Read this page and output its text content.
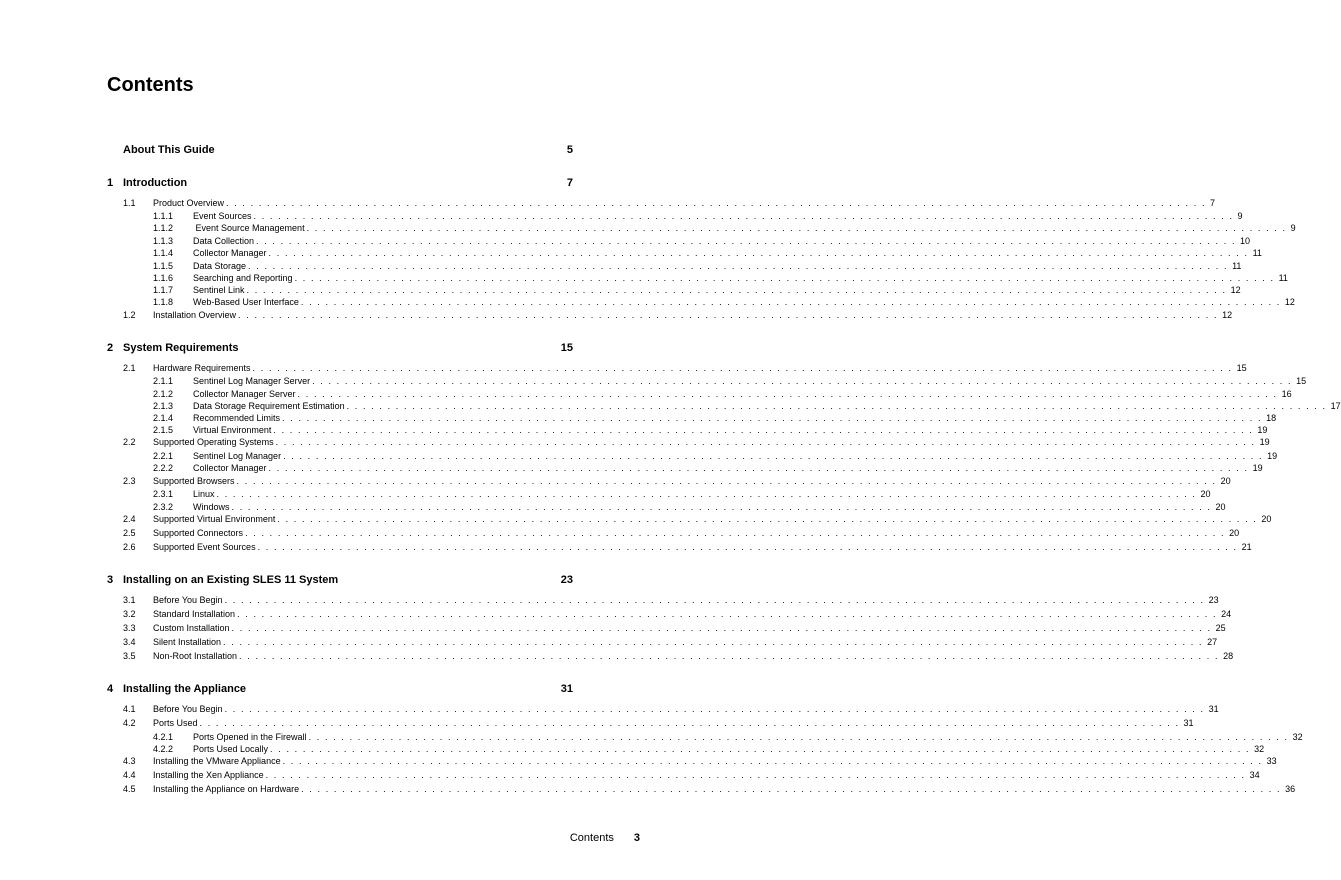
Contents
About This Guide	5
1 Introduction	7
1.1	Product Overview . . . . . . . . . . . . . . . . . . . . . . . . . . . . . . . . . . . . . . . . . . . . . . . . . . . . . . . . . . . . . . . . . . . . . . . . . . . . . . . . . . . . . . . . . . . . . . . . . . . . . . . . . . . . . . . . . . . . . . . . 7
1.1.1	Event Sources . . . . . . . . . . . . . . . . . . . . . . . . . . . . . . . . . . . . . . . . . . . . . . . . . . . . . . . . . . . . . . . . . . . . . . . . . . . . . . . . . . . . . . . . . . . . . . . . . . . . . . . . . . . . . . . . . . . . . . . . 9
1.1.2	Event Source Management . . . . . . . . . . . . . . . . . . . . . . . . . . . . . . . . . . . . . . . . . . . . . . . . . . . . . . . . . . . . . . . . . . . . . . . . . . . . . . . . . . . . . . . . . . . . . . . . . . . . . . . . . . . . . . . . . . . . . . . . 9
1.1.3	Data Collection . . . . . . . . . . . . . . . . . . . . . . . . . . . . . . . . . . . . . . . . . . . . . . . . . . . . . . . . . . . . . . . . . . . . . . . . . . . . . . . . . . . . . . . . . . . . . . . . . . . . . . . . . . . . . . . . . . . . . . . . 10
1.1.4	Collector Manager . . . . . . . . . . . . . . . . . . . . . . . . . . . . . . . . . . . . . . . . . . . . . . . . . . . . . . . . . . . . . . . . . . . . . . . . . . . . . . . . . . . . . . . . . . . . . . . . . . . . . . . . . . . . . . . . . . . . . . . . 11
1.1.5	Data Storage . . . . . . . . . . . . . . . . . . . . . . . . . . . . . . . . . . . . . . . . . . . . . . . . . . . . . . . . . . . . . . . . . . . . . . . . . . . . . . . . . . . . . . . . . . . . . . . . . . . . . . . . . . . . . . . . . . . . . . . . 11
1.1.6	Searching and Reporting . . . . . . . . . . . . . . . . . . . . . . . . . . . . . . . . . . . . . . . . . . . . . . . . . . . . . . . . . . . . . . . . . . . . . . . . . . . . . . . . . . . . . . . . . . . . . . . . . . . . . . . . . . . . . . . . . . . . . . . . 11
1.1.7	Sentinel Link . . . . . . . . . . . . . . . . . . . . . . . . . . . . . . . . . . . . . . . . . . . . . . . . . . . . . . . . . . . . . . . . . . . . . . . . . . . . . . . . . . . . . . . . . . . . . . . . . . . . . . . . . . . . . . . . . . . . . . . . 12
1.1.8	Web-Based User Interface . . . . . . . . . . . . . . . . . . . . . . . . . . . . . . . . . . . . . . . . . . . . . . . . . . . . . . . . . . . . . . . . . . . . . . . . . . . . . . . . . . . . . . . . . . . . . . . . . . . . . . . . . . . . . . . . . . . . . . . . 12
1.2	Installation Overview . . . . . . . . . . . . . . . . . . . . . . . . . . . . . . . . . . . . . . . . . . . . . . . . . . . . . . . . . . . . . . . . . . . . . . . . . . . . . . . . . . . . . . . . . . . . . . . . . . . . . . . . . . . . . . . . . . . . . . . . 12
2 System Requirements	15
2.1	Hardware Requirements . . . . . . . . . . . . . . . . . . . . . . . . . . . . . . . . . . . . . . . . . . . . . . . . . . . . . . . . . . . . . . . . . . . . . . . . . . . . . . . . . . . . . . . . . . . . . . . . . . . . . . . . . . . . . . . . . . . . . . . . 15
2.1.1	Sentinel Log Manager Server . . . . . . . . . . . . . . . . . . . . . . . . . . . . . . . . . . . . . . . . . . . . . . . . . . . . . . . . . . . . . . . . . . . . . . . . . . . . . . . . . . . . . . . . . . . . . . . . . . . . . . . . . . . . . . . . . . . . . . . . 15
2.1.2	Collector Manager Server . . . . . . . . . . . . . . . . . . . . . . . . . . . . . . . . . . . . . . . . . . . . . . . . . . . . . . . . . . . . . . . . . . . . . . . . . . . . . . . . . . . . . . . . . . . . . . . . . . . . . . . . . . . . . . . . . . . . . . . . 16
2.1.3	Data Storage Requirement Estimation . . . . . . . . . . . . . . . . . . . . . . . . . . . . . . . . . . . . . . . . . . . . . . . . . . . . . . . . . . . . . . . . . . . . . . . . . . . . . . . . . . . . . . . . . . . . . . . . . . . . . . . . . . . . . . . . . . . . . . . . 17
2.1.4	Recommended Limits . . . . . . . . . . . . . . . . . . . . . . . . . . . . . . . . . . . . . . . . . . . . . . . . . . . . . . . . . . . . . . . . . . . . . . . . . . . . . . . . . . . . . . . . . . . . . . . . . . . . . . . . . . . . . . . . . . . . . . . . 18
2.1.5	Virtual Environment . . . . . . . . . . . . . . . . . . . . . . . . . . . . . . . . . . . . . . . . . . . . . . . . . . . . . . . . . . . . . . . . . . . . . . . . . . . . . . . . . . . . . . . . . . . . . . . . . . . . . . . . . . . . . . . . . . . . . . . . 19
2.2	Supported Operating Systems . . . . . . . . . . . . . . . . . . . . . . . . . . . . . . . . . . . . . . . . . . . . . . . . . . . . . . . . . . . . . . . . . . . . . . . . . . . . . . . . . . . . . . . . . . . . . . . . . . . . . . . . . . . . . . . . . . . . . . . . 19
2.2.1	Sentinel Log Manager . . . . . . . . . . . . . . . . . . . . . . . . . . . . . . . . . . . . . . . . . . . . . . . . . . . . . . . . . . . . . . . . . . . . . . . . . . . . . . . . . . . . . . . . . . . . . . . . . . . . . . . . . . . . . . . . . . . . . . . . 19
2.2.2	Collector Manager . . . . . . . . . . . . . . . . . . . . . . . . . . . . . . . . . . . . . . . . . . . . . . . . . . . . . . . . . . . . . . . . . . . . . . . . . . . . . . . . . . . . . . . . . . . . . . . . . . . . . . . . . . . . . . . . . . . . . . . . 19
2.3	Supported Browsers . . . . . . . . . . . . . . . . . . . . . . . . . . . . . . . . . . . . . . . . . . . . . . . . . . . . . . . . . . . . . . . . . . . . . . . . . . . . . . . . . . . . . . . . . . . . . . . . . . . . . . . . . . . . . . . . . . . . . . . . 20
2.3.1	Linux . . . . . . . . . . . . . . . . . . . . . . . . . . . . . . . . . . . . . . . . . . . . . . . . . . . . . . . . . . . . . . . . . . . . . . . . . . . . . . . . . . . . . . . . . . . . . . . . . . . . . . . . . . . . . . . . . . . . . . . . 20
2.3.2	Windows . . . . . . . . . . . . . . . . . . . . . . . . . . . . . . . . . . . . . . . . . . . . . . . . . . . . . . . . . . . . . . . . . . . . . . . . . . . . . . . . . . . . . . . . . . . . . . . . . . . . . . . . . . . . . . . . . . . . . . . . 20
2.4	Supported Virtual Environment . . . . . . . . . . . . . . . . . . . . . . . . . . . . . . . . . . . . . . . . . . . . . . . . . . . . . . . . . . . . . . . . . . . . . . . . . . . . . . . . . . . . . . . . . . . . . . . . . . . . . . . . . . . . . . . . . . . . . . . . 20
2.5	Supported Connectors . . . . . . . . . . . . . . . . . . . . . . . . . . . . . . . . . . . . . . . . . . . . . . . . . . . . . . . . . . . . . . . . . . . . . . . . . . . . . . . . . . . . . . . . . . . . . . . . . . . . . . . . . . . . . . . . . . . . . . . . 20
2.6	Supported Event Sources . . . . . . . . . . . . . . . . . . . . . . . . . . . . . . . . . . . . . . . . . . . . . . . . . . . . . . . . . . . . . . . . . . . . . . . . . . . . . . . . . . . . . . . . . . . . . . . . . . . . . . . . . . . . . . . . . . . . . . . . 21
3 Installing on an Existing SLES 11 System	23
3.1	Before You Begin . . . . . . . . . . . . . . . . . . . . . . . . . . . . . . . . . . . . . . . . . . . . . . . . . . . . . . . . . . . . . . . . . . . . . . . . . . . . . . . . . . . . . . . . . . . . . . . . . . . . . . . . . . . . . . . . . . . . . . . . 23
3.2	Standard Installation . . . . . . . . . . . . . . . . . . . . . . . . . . . . . . . . . . . . . . . . . . . . . . . . . . . . . . . . . . . . . . . . . . . . . . . . . . . . . . . . . . . . . . . . . . . . . . . . . . . . . . . . . . . . . . . . . . . . . . . . 24
3.3	Custom Installation . . . . . . . . . . . . . . . . . . . . . . . . . . . . . . . . . . . . . . . . . . . . . . . . . . . . . . . . . . . . . . . . . . . . . . . . . . . . . . . . . . . . . . . . . . . . . . . . . . . . . . . . . . . . . . . . . . . . . . . . 25
3.4	Silent Installation . . . . . . . . . . . . . . . . . . . . . . . . . . . . . . . . . . . . . . . . . . . . . . . . . . . . . . . . . . . . . . . . . . . . . . . . . . . . . . . . . . . . . . . . . . . . . . . . . . . . . . . . . . . . . . . . . . . . . . . . 27
3.5	Non-Root Installation . . . . . . . . . . . . . . . . . . . . . . . . . . . . . . . . . . . . . . . . . . . . . . . . . . . . . . . . . . . . . . . . . . . . . . . . . . . . . . . . . . . . . . . . . . . . . . . . . . . . . . . . . . . . . . . . . . . . . . . . 28
4 Installing the Appliance	31
4.1	Before You Begin . . . . . . . . . . . . . . . . . . . . . . . . . . . . . . . . . . . . . . . . . . . . . . . . . . . . . . . . . . . . . . . . . . . . . . . . . . . . . . . . . . . . . . . . . . . . . . . . . . . . . . . . . . . . . . . . . . . . . . . . 31
4.2	Ports Used . . . . . . . . . . . . . . . . . . . . . . . . . . . . . . . . . . . . . . . . . . . . . . . . . . . . . . . . . . . . . . . . . . . . . . . . . . . . . . . . . . . . . . . . . . . . . . . . . . . . . . . . . . . . . . . . . . . . . . . . 31
4.2.1	Ports Opened in the Firewall . . . . . . . . . . . . . . . . . . . . . . . . . . . . . . . . . . . . . . . . . . . . . . . . . . . . . . . . . . . . . . . . . . . . . . . . . . . . . . . . . . . . . . . . . . . . . . . . . . . . . . . . . . . . . . . . . . . . . . . . 32
4.2.2	Ports Used Locally . . . . . . . . . . . . . . . . . . . . . . . . . . . . . . . . . . . . . . . . . . . . . . . . . . . . . . . . . . . . . . . . . . . . . . . . . . . . . . . . . . . . . . . . . . . . . . . . . . . . . . . . . . . . . . . . . . . . . . . . 32
4.3	Installing the VMware Appliance . . . . . . . . . . . . . . . . . . . . . . . . . . . . . . . . . . . . . . . . . . . . . . . . . . . . . . . . . . . . . . . . . . . . . . . . . . . . . . . . . . . . . . . . . . . . . . . . . . . . . . . . . . . . . . . . . . . . . . . . 33
4.4	Installing the Xen Appliance . . . . . . . . . . . . . . . . . . . . . . . . . . . . . . . . . . . . . . . . . . . . . . . . . . . . . . . . . . . . . . . . . . . . . . . . . . . . . . . . . . . . . . . . . . . . . . . . . . . . . . . . . . . . . . . . . . . . . . . . 34
4.5	Installing the Appliance on Hardware . . . . . . . . . . . . . . . . . . . . . . . . . . . . . . . . . . . . . . . . . . . . . . . . . . . . . . . . . . . . . . . . . . . . . . . . . . . . . . . . . . . . . . . . . . . . . . . . . . . . . . . . . . . . . . . . . . . . . . . . 36
Contents 3
